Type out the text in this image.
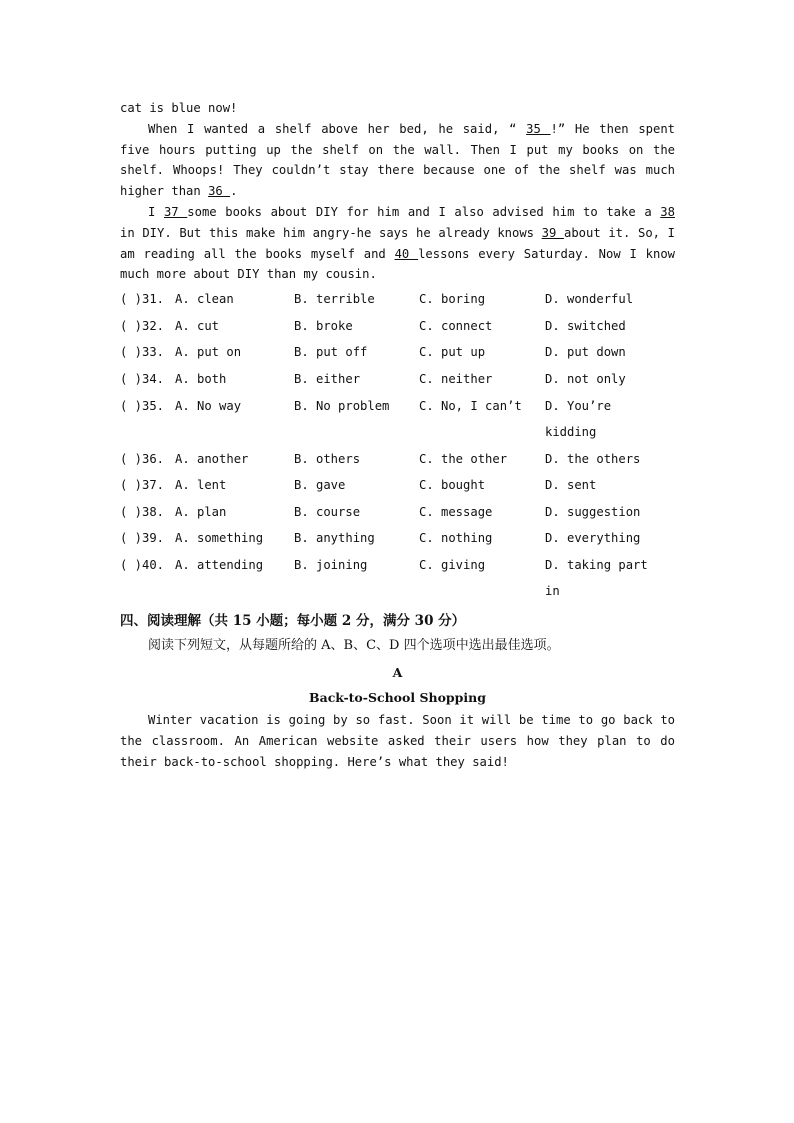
cat is blue now!

When I wanted a shelf above her bed, he said, “ 35 !” He then spent five hours putting up the shelf on the wall. Then I put my books on the shelf. Whoops! They couldn’t stay there because one of the shelf was much higher than 36 .

I 37 some books about DIY for him and I also advised him to take a 38 in DIY. But this make him angry-he says he already knows 39 about it. So, I am reading all the books myself and 40 lessons every Saturday. Now I know much more about DIY than my cousin.

( )31. A. clean	B. terrible	C. boring	D. wonderful
( )32. A. cut	B. broke	C. connect	D. switched
( )33. A. put on	B. put off	C. put up	D. put down
( )34. A. both	B. either	C. neither	D. not only
( )35. A. No way	B. No problem	C. No, I can’t	D. You’re kidding
( )36. A. another	B. others	C. the other	D. the others
( )37. A. lent	B. gave	C. bought	D. sent
( )38. A. plan	B. course	C. message	D. suggestion
( )39. A. something	B. anything	C. nothing	D. everything
( )40. A. attending	B. joining	C. giving	D. taking part in
四、阅读理解（共 15 小题；每小题 2 分，满分 30 分）
阅读下列短文，从每题所给的 A、B、C、D 四个选项中选出最佳选项。
A
Back-to-School Shopping

Winter vacation is going by so fast. Soon it will be time to go back to the classroom. An American website asked their users how they plan to do their back-to-school shopping. Here’s what they said!
